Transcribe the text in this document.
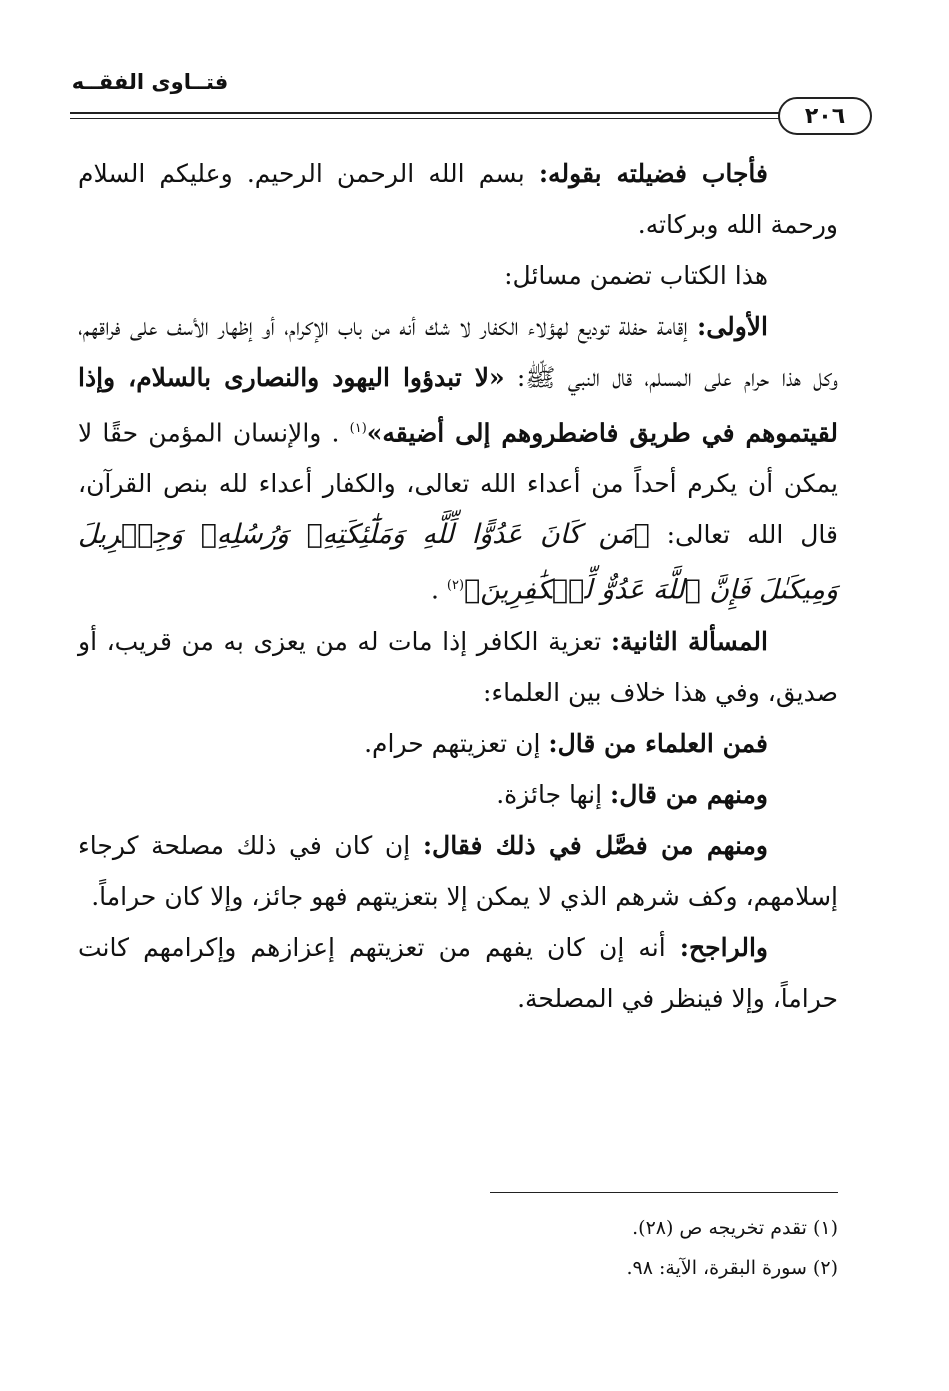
فتــاوى الفقــه
٢٠٦

فأجاب فضيلته بقوله: بسم الله الرحمن الرحيم. وعليكم السلام ورحمة الله وبركاته.

هذا الكتاب تضمن مسائل:

الأولى: إقامة حفلة توديع لهؤلاء الكفار لا شك أنه من باب الإكرام، أو إظهار الأسف على فراقهم، وكل هذا حرام على المسلم، قال النبي ﷺ: «لا تبدؤوا اليهود والنصارى بالسلام، وإذا لقيتموهم في طريق فاضطروهم إلى أضيقه»$^{(١)}$ . والإنسان المؤمن حقًا لا يمكن أن يكرم أحداً من أعداء الله تعالى، والكفار أعداء لله بنص القرآن، قال الله تعالى: ﴿مَن كَانَ عَدُوًّا لِّلَّهِ وَمَلَٰٓئِكَتِهِۦ وَرُسُلِهِۦ وَجِبۡرِيلَ وَمِيكَىٰلَ فَإِنَّ ٱللَّهَ عَدُوٌّ لِّلۡكَٰفِرِينَ﴾$^{(٢)}$ .

المسألة الثانية: تعزية الكافر إذا مات له من يعزى به من قريب، أو صديق، وفي هذا خلاف بين العلماء:

فمن العلماء من قال: إن تعزيتهم حرام.

ومنهم من قال: إنها جائزة.

ومنهم من فصَّل في ذلك فقال: إن كان في ذلك مصلحة كرجاء إسلامهم، وكف شرهم الذي لا يمكن إلا بتعزيتهم فهو جائز، وإلا كان حراماً.

والراجح: أنه إن كان يفهم من تعزيتهم إعزازهم وإكرامهم كانت حراماً، وإلا فينظر في المصلحة.

(١) تقدم تخريجه ص (٢٨).
(٢) سورة البقرة، الآية: ٩٨.
